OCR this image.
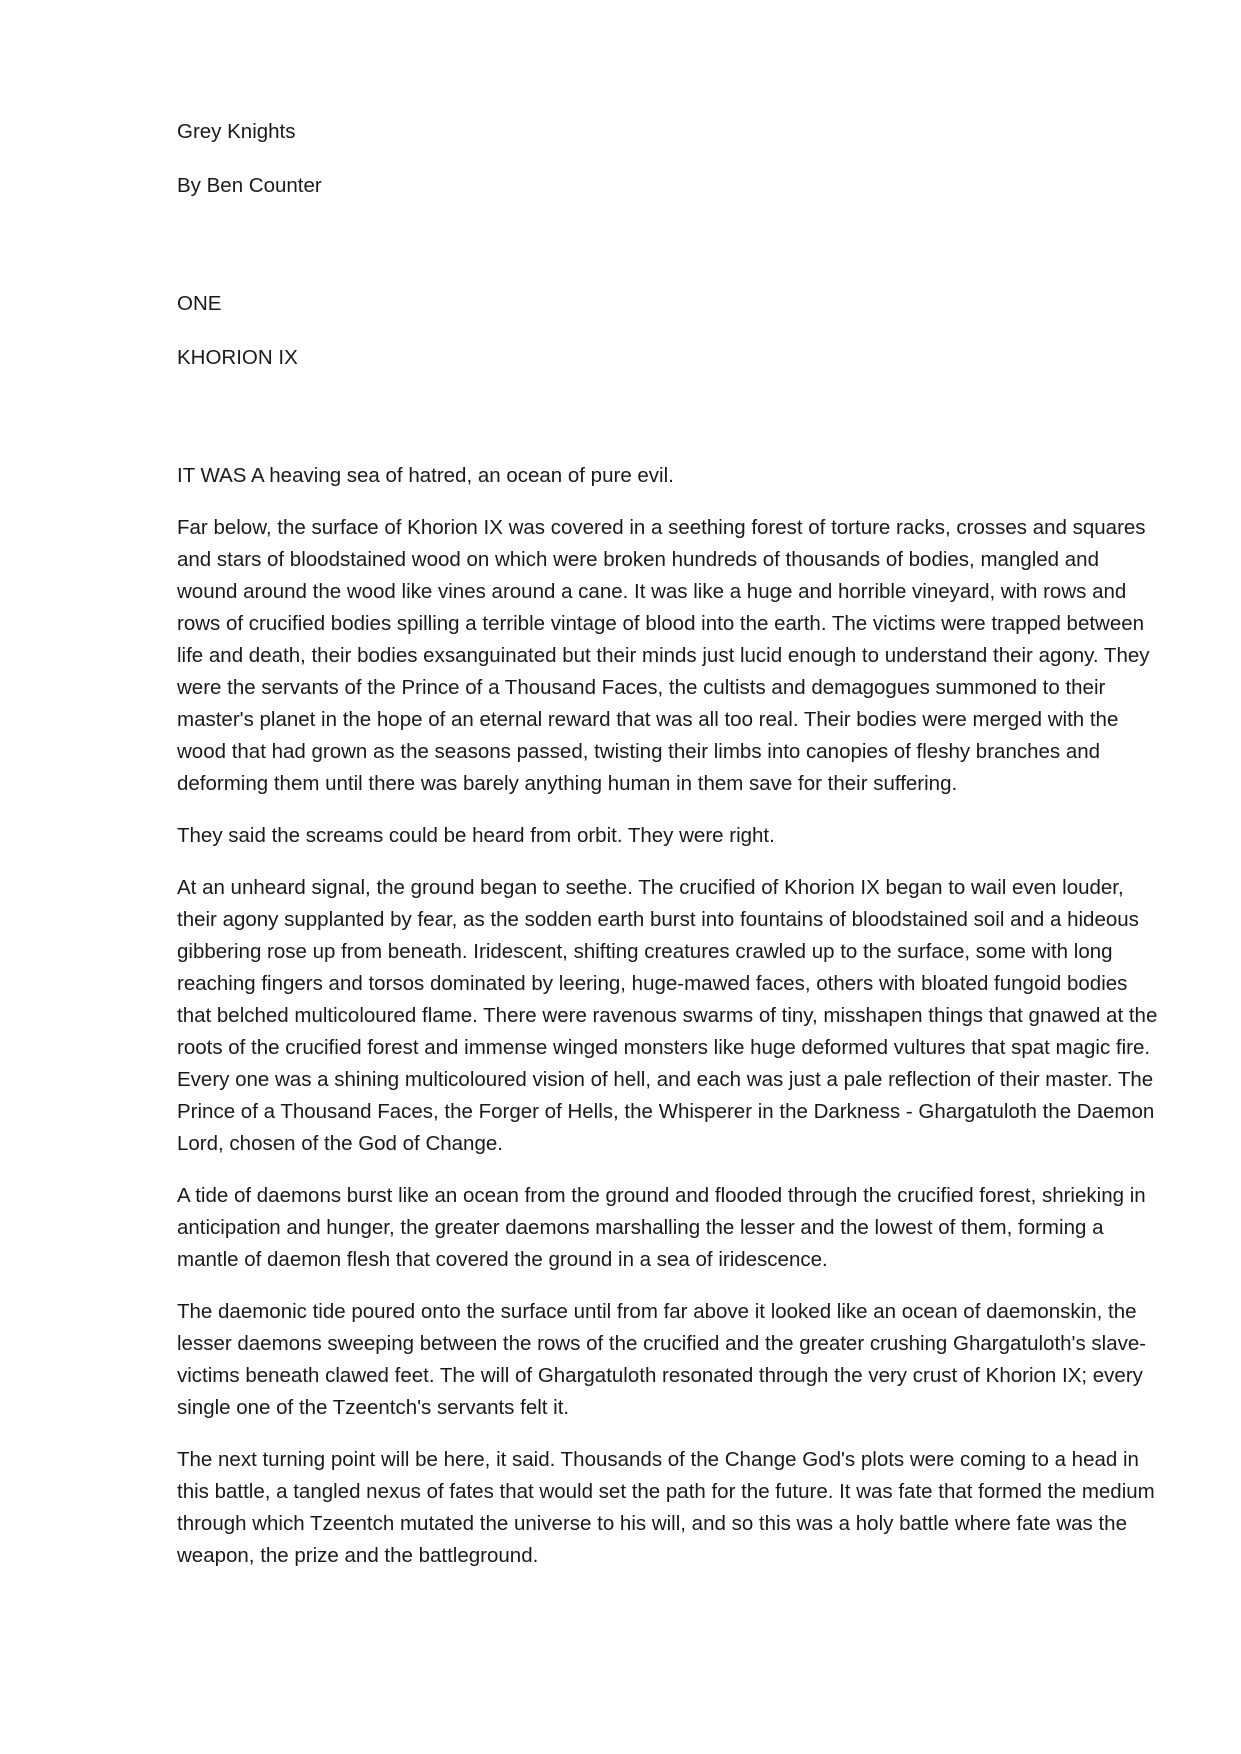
Grey Knights

By Ben Counter

ONE

KHORION IX

IT WAS A heaving sea of hatred, an ocean of pure evil.

Far below, the surface of Khorion IX was covered in a seething forest of torture racks, crosses and squares and stars of bloodstained wood on which were broken hundreds of thousands of bodies, mangled and wound around the wood like vines around a cane. It was like a huge and horrible vineyard, with rows and rows of crucified bodies spilling a terrible vintage of blood into the earth. The victims were trapped between life and death, their bodies exsanguinated but their minds just lucid enough to understand their agony. They were the servants of the Prince of a Thousand Faces, the cultists and demagogues summoned to their master's planet in the hope of an eternal reward that was all too real. Their bodies were merged with the wood that had grown as the seasons passed, twisting their limbs into canopies of fleshy branches and deforming them until there was barely anything human in them save for their suffering.

They said the screams could be heard from orbit. They were right.

At an unheard signal, the ground began to seethe. The crucified of Khorion IX began to wail even louder, their agony supplanted by fear, as the sodden earth burst into fountains of bloodstained soil and a hideous gibbering rose up from beneath. Iridescent, shifting creatures crawled up to the surface, some with long reaching fingers and torsos dominated by leering, huge-mawed faces, others with bloated fungoid bodies that belched multicoloured flame. There were ravenous swarms of tiny, misshapen things that gnawed at the roots of the crucified forest and immense winged monsters like huge deformed vultures that spat magic fire. Every one was a shining multicoloured vision of hell, and each was just a pale reflection of their master. The Prince of a Thousand Faces, the Forger of Hells, the Whisperer in the Darkness - Ghargatuloth the Daemon Lord, chosen of the God of Change.

A tide of daemons burst like an ocean from the ground and flooded through the crucified forest, shrieking in anticipation and hunger, the greater daemons marshalling the lesser and the lowest of them, forming a mantle of daemon flesh that covered the ground in a sea of iridescence.

The daemonic tide poured onto the surface until from far above it looked like an ocean of daemonskin, the lesser daemons sweeping between the rows of the crucified and the greater crushing Ghargatuloth's slave-victims beneath clawed feet. The will of Ghargatuloth resonated through the very crust of Khorion IX; every single one of the Tzeentch's servants felt it.

The next turning point will be here, it said. Thousands of the Change God's plots were coming to a head in this battle, a tangled nexus of fates that would set the path for the future. It was fate that formed the medium through which Tzeentch mutated the universe to his will, and so this was a holy battle where fate was the weapon, the prize and the battleground.
